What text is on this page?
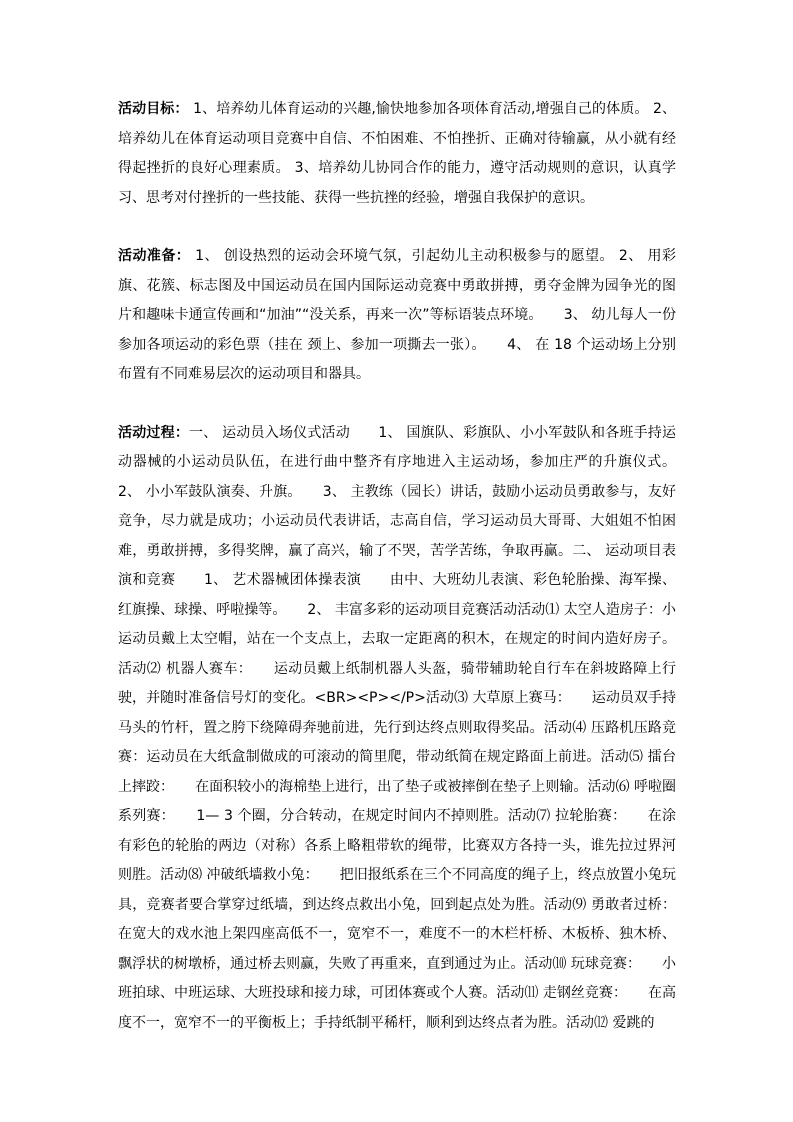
活动目标： 1、培养幼儿体育运动的兴趣,愉快地参加各项体育活动,增强自己的体质。 2、培养幼儿在体育运动项目竞赛中自信、不怕困难、不怕挫折、正确对待输赢，从小就有经得起挫折的良好心理素质。 3、培养幼儿协同合作的能力，遵守活动规则的意识，认真学习、思考对付挫折的一些技能、获得一些抗挫的经验，增强自我保护的意识。

活动准备： 1、 创设热烈的运动会环境气氛，引起幼儿主动积极参与的愿望。 2、 用彩旗、花簇、标志图及中国运动员在国内国际运动竞赛中勇敢拼搏，勇夺金牌为园争光的图片和趣味卡通宣传画和“加油”“没关系，再来一次”等标语装点环境。　　3、 幼儿每人一份参加各项运动的彩色票（挂在 颈上、参加一项撕去一张）。　　4、 在 18 个运动场上分别布置有不同难易层次的运动项目和器具。

活动过程：一、 运动员入场仪式活动　　1、 国旗队、彩旗队、小小军鼓队和各班手持运动器械的小运动员队伍，在进行曲中整齐有序地进入主运动场，参加庄严的升旗仪式。 2、 小小军鼓队演奏、升旗。　　3、 主教练（园长）讲话，鼓励小运动员勇敢参与，友好竞争，尽力就是成功；小运动员代表讲话，志高自信，学习运动员大哥哥、大姐姐不怕困难，勇敢拼搏，多得奖牌，赢了高兴，输了不哭，苦学苦练，争取再赢。二、 运动项目表演和竞赛　　1、 艺术器械团体操表演　　由中、大班幼儿表演、彩色轮胎操、海军操、红旗操、球操、呼啦操等。　　2、 丰富多彩的运动项目竞赛活动活动⑴ 太空人造房子：小运动员戴上太空帽，站在一个支点上，去取一定距离的积木，在规定的时间内造好房子。活动⑵ 机器人赛车：　　运动员戴上纸制机器人头盔，骑带辅助轮自行车在斜坡路障上行驶，并随时准备信号灯的变化。<BR><P></P>活动⑶ 大草原上赛马：　　运动员双手持马头的竹杆，置之胯下绕障碍奔驰前进，先行到达终点则取得奖品。活动⑷ 压路机压路竞赛：运动员在大纸盒制做成的可滚动的简里爬，带动纸简在规定路面上前进。活动⑸ 擂台上摔跤：　　在面积较小的海棉垫上进行，出了垫子或被摔倒在垫子上则输。活动⑹ 呼啦圈系列赛：　　1— 3 个圈，分合转动，在规定时间内不掉则胜。活动⑺ 拉轮胎赛：　　在涂有彩色的轮胎的两边（对称）各系上略粗带软的绳带，比赛双方各持一头，谁先拉过界河则胜。活动⑻ 冲破纸墙救小兔：　　把旧报纸系在三个不同高度的绳子上，终点放置小兔玩具，竞赛者要合掌穿过纸墙，到达终点救出小兔，回到起点处为胜。活动⑼ 勇敢者过桥：在宽大的戏水池上架四座高低不一，宽窄不一，难度不一的木栏杆桥、木板桥、独木桥、飘浮状的树墩桥，通过桥去则赢，失败了再重来，直到通过为止。活动⑽ 玩球竞赛：　　小班拍球、中班运球、大班投球和接力球，可团体赛或个人赛。活动⑾ 走钢丝竞赛：　　在高度不一，宽窄不一的平衡板上；手持纸制平稀杆，顺利到达终点者为胜。活动⑿ 爱跳的
